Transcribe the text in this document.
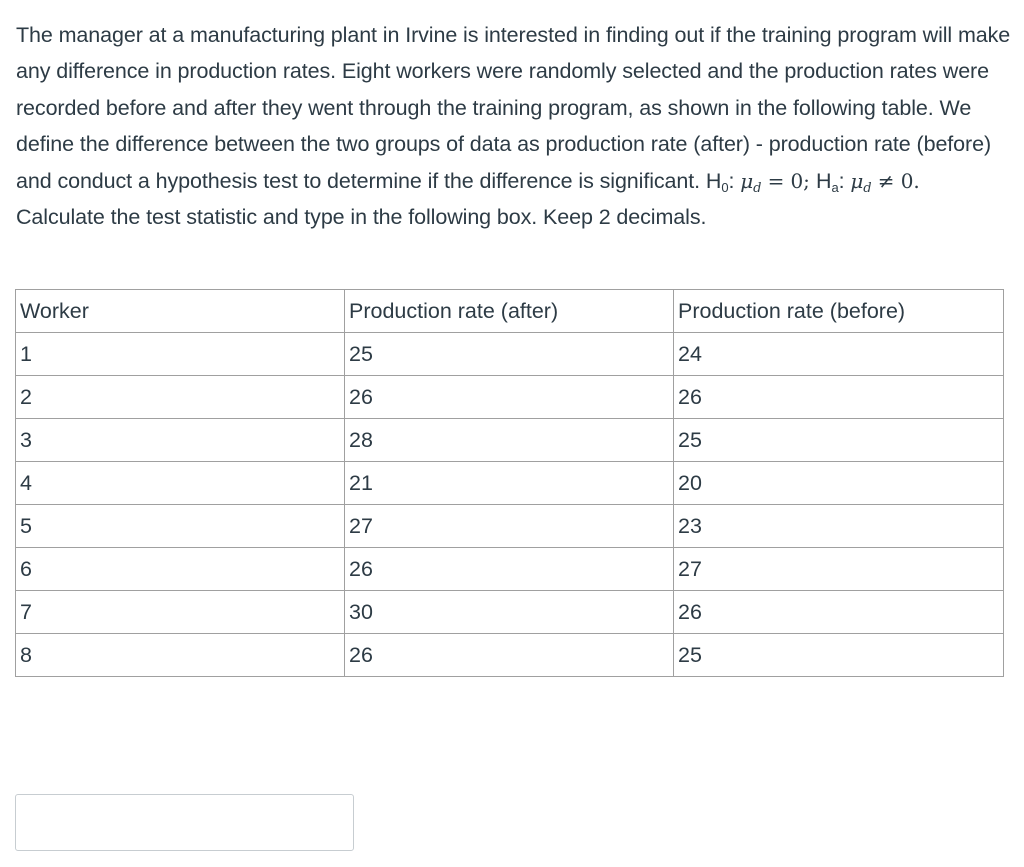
The manager at a manufacturing plant in Irvine is interested in finding out if the training program will make any difference in production rates. Eight workers were randomly selected and the production rates were recorded before and after they went through the training program, as shown in the following table. We define the difference between the two groups of data as production rate (after) - production rate (before) and conduct a hypothesis test to determine if the difference is significant. $H_0$: $\mu_d = 0$; $H_a$: $\mu_d \ne 0$.  Calculate the test statistic and type in the following box. Keep 2 decimals.
Worker	Production rate (after)	Production rate (before)
1	25	24
2	26	26
3	28	25
4	21	20
5	27	23
6	26	27
7	30	26
8	26	25
